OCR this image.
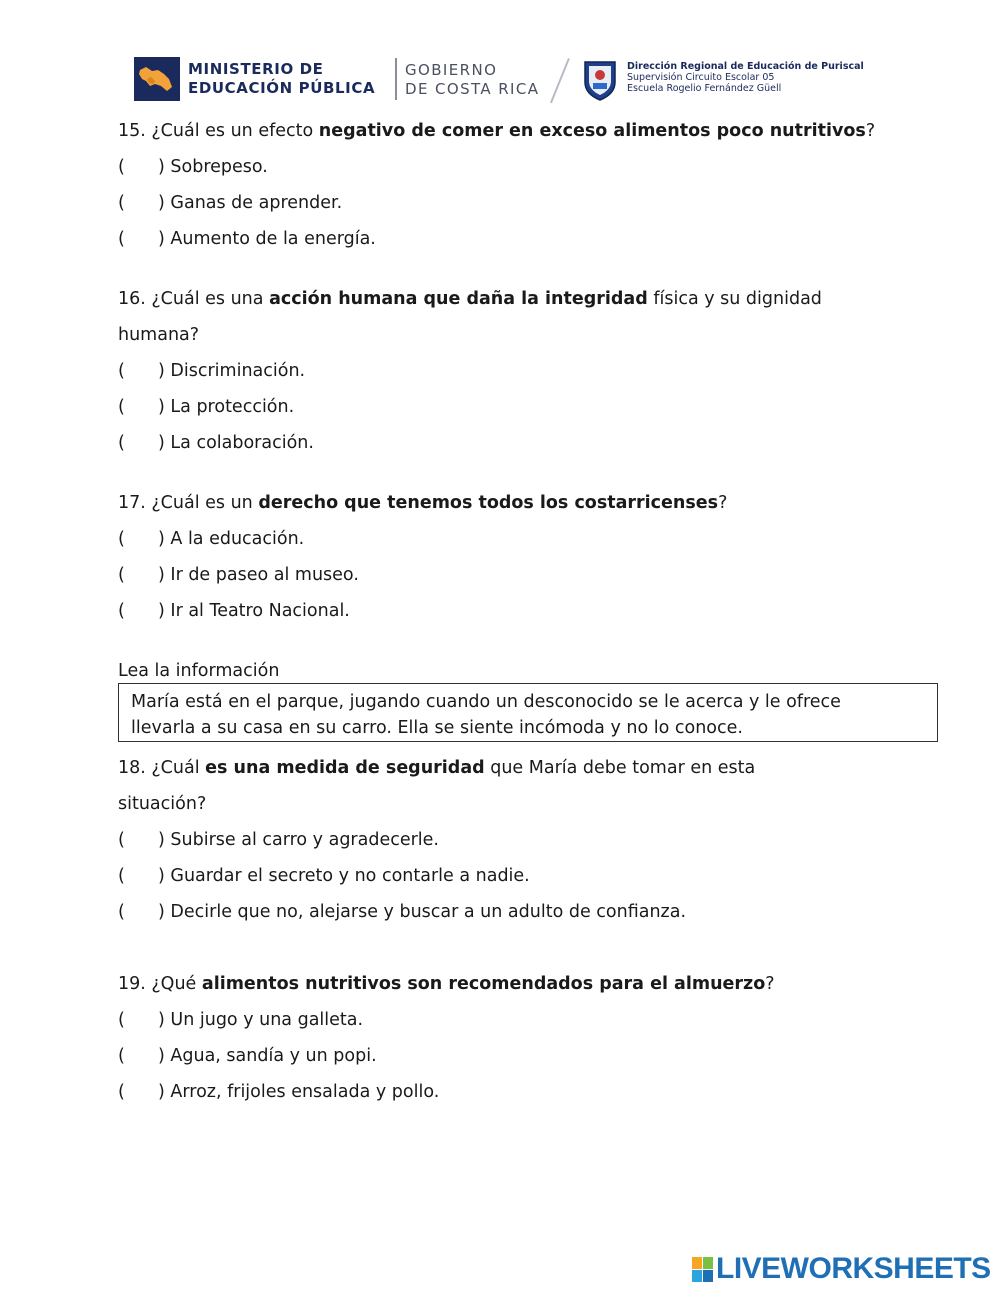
MINISTERIO DE
EDUCACIÓN PÚBLICA
GOBIERNO
DE COSTA RICA
Dirección Regional de Educación de Puriscal
Supervisión Circuito Escolar 05
Escuela Rogelio Fernández Güell
15. ¿Cuál es un efecto negativo de comer en exceso alimentos poco nutritivos?
( ) Sobrepeso.
( ) Ganas de aprender.
( ) Aumento de la energía.
16. ¿Cuál es una acción humana que daña la integridad física y su dignidad
humana?
( ) Discriminación.
( ) La protección.
( ) La colaboración.
17. ¿Cuál es un derecho que tenemos todos los costarricenses?
( ) A la educación.
( ) Ir de paseo al museo.
( ) Ir al Teatro Nacional.
Lea la información
María está en el parque, jugando cuando un desconocido se le acerca y le ofrece
llevarla a su casa en su carro. Ella se siente incómoda y no lo conoce.
18. ¿Cuál es una medida de seguridad que María debe tomar en esta
situación?
( ) Subirse al carro y agradecerle.
( ) Guardar el secreto y no contarle a nadie.
( ) Decirle que no, alejarse y buscar a un adulto de confianza.
19. ¿Qué alimentos nutritivos son recomendados para el almuerzo?
( ) Un jugo y una galleta.
( ) Agua, sandía y un popi.
( ) Arroz, frijoles ensalada y pollo.
LIVEWORKSHEETS
